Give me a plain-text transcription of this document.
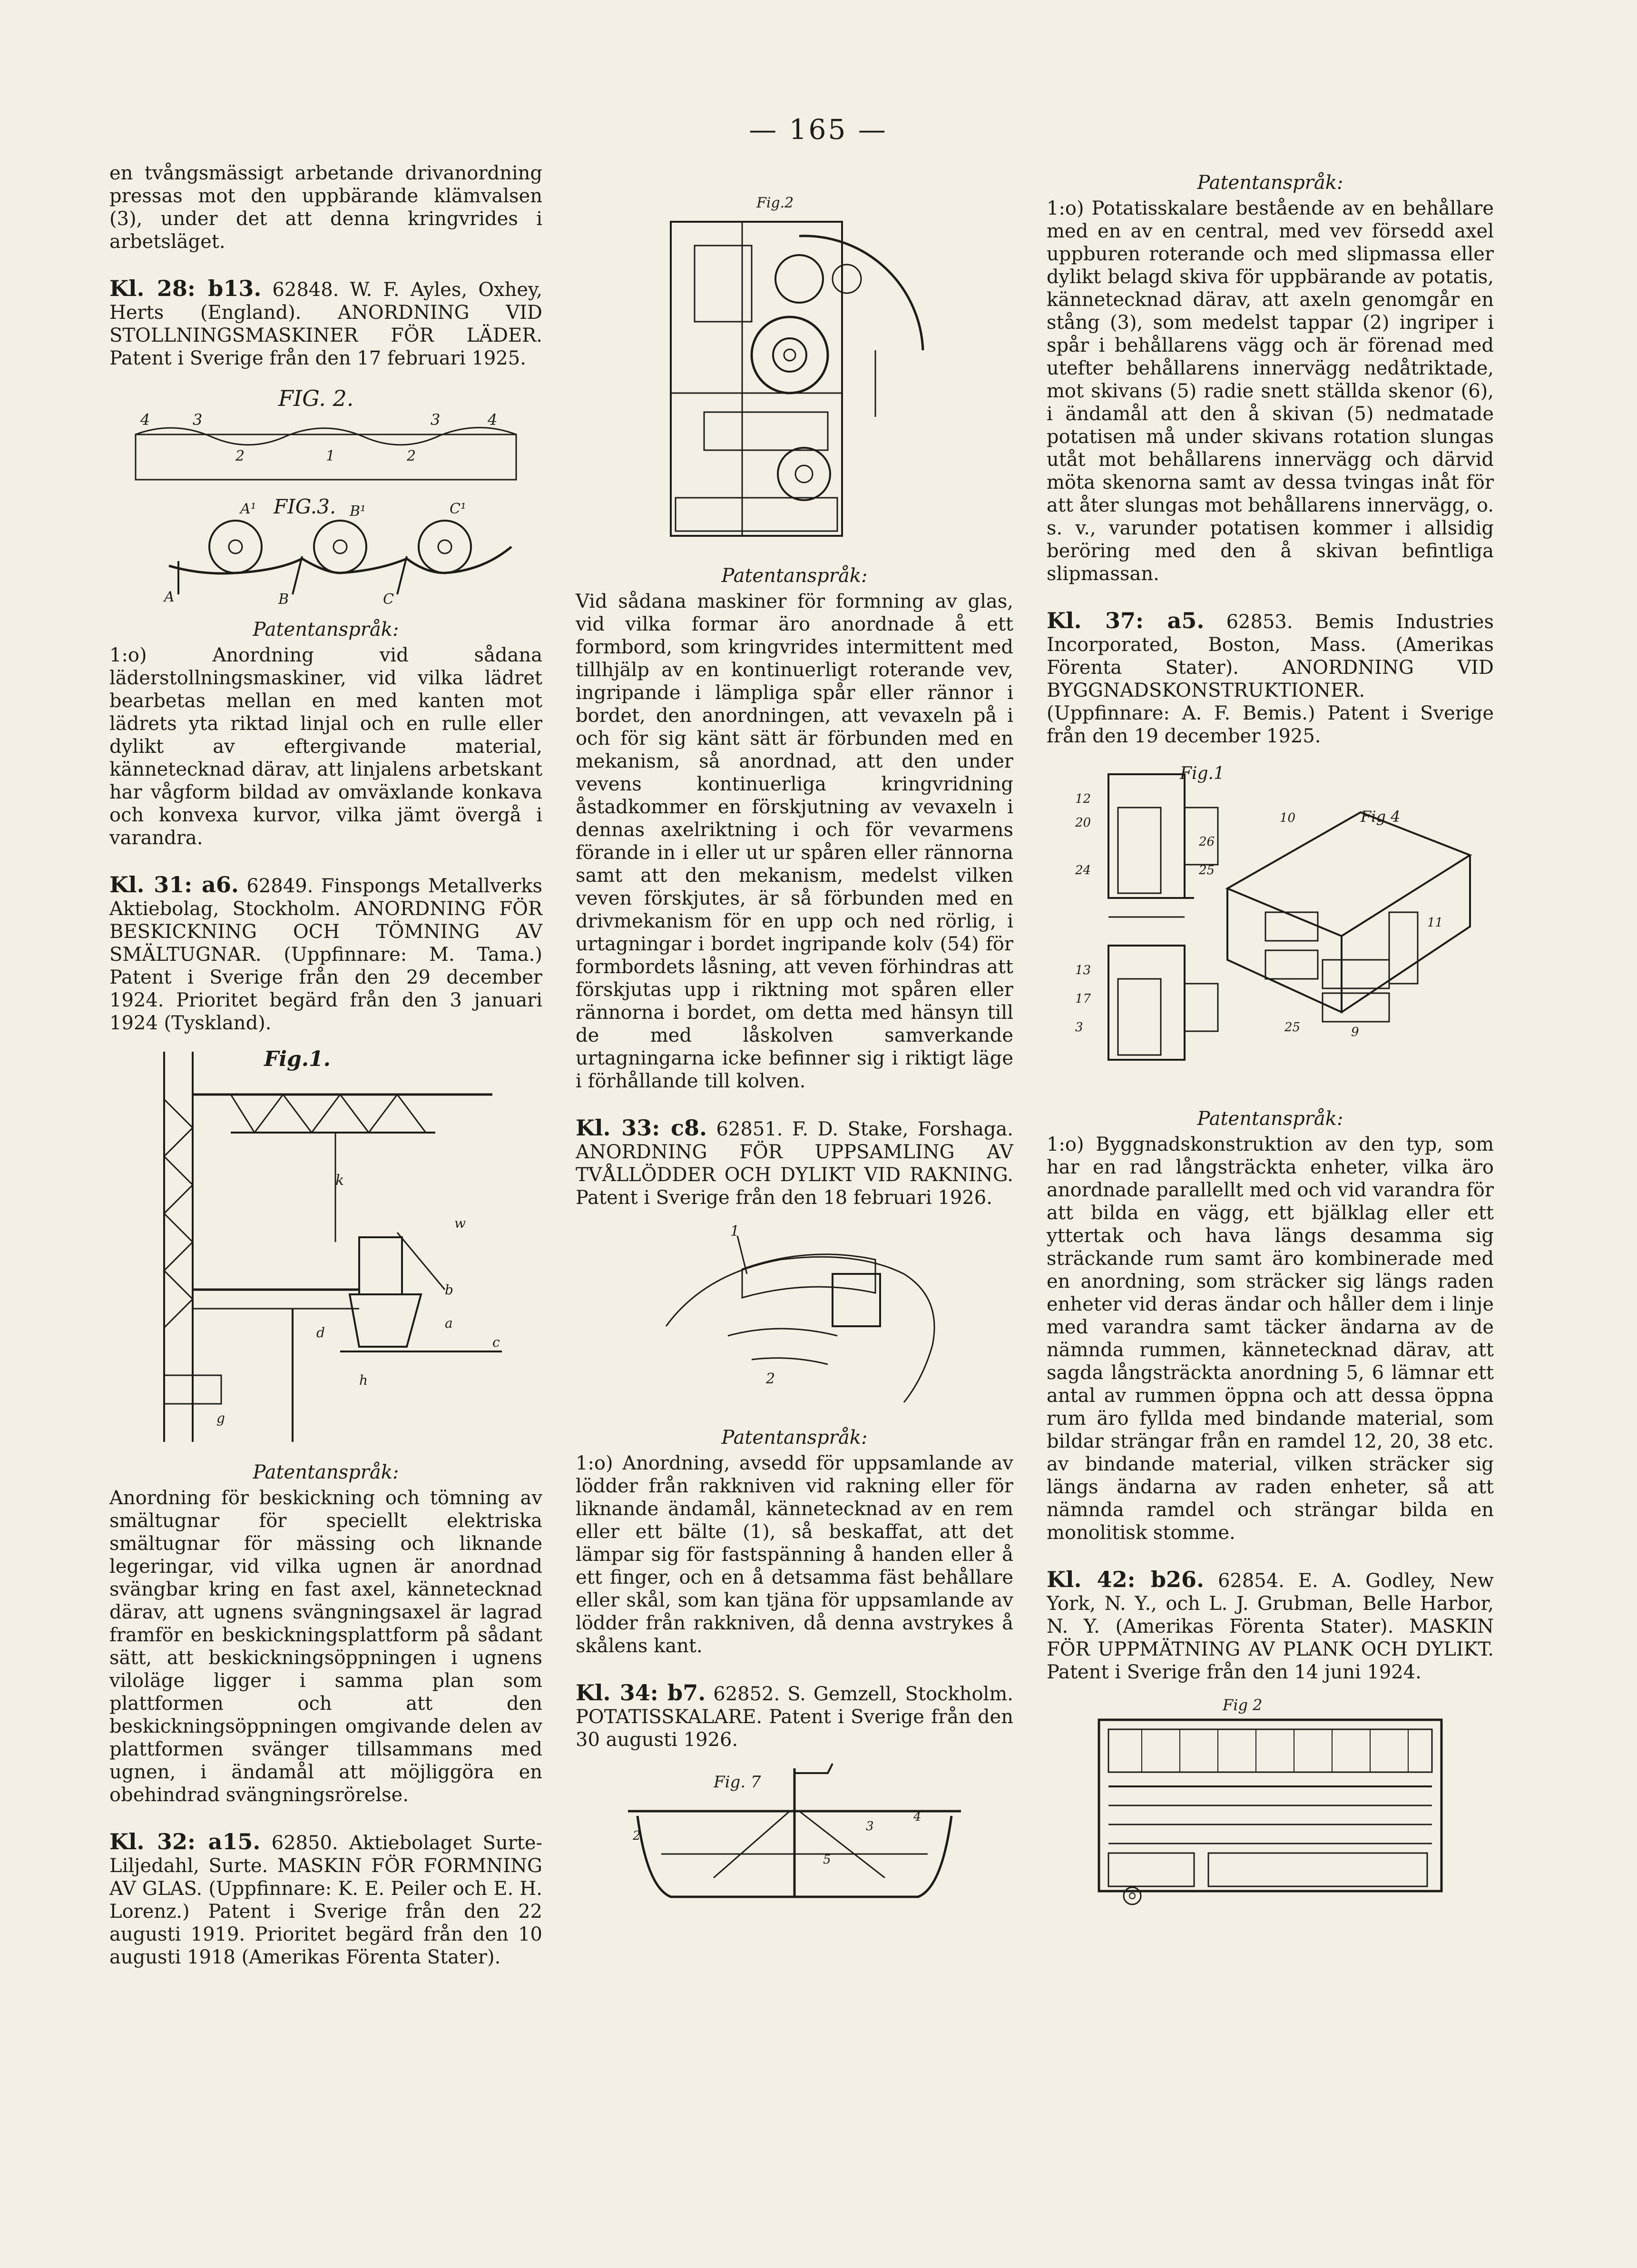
— 165 —

en tvångsmässigt arbetande drivanordning pressas mot den uppbärande klämvalsen (3), under det att denna kringvrides i arbetsläget.

Kl. 28: b13. 62848. W. F. Ayles, Oxhey, Herts (England). ANORDNING VID STOLLNINGSMASKINER FÖR LÄDER. Patent i Sverige från den 17 februari 1925.

FIG. 2.
4	3	3	4
2	1	2
FIG.3.
A¹	B¹	C¹
A	B	C

Patentanspråk:

1:o) Anordning vid sådana läderstollningsmaskiner, vid vilka lädret bearbetas mellan en med kanten mot lädrets yta riktad linjal och en rulle eller dylikt av eftergivande material, kännetecknad därav, att linjalens arbetskant har vågform bildad av omväxlande konkava och konvexa kurvor, vilka jämt övergå i varandra.

Kl. 31: a6. 62849. Finspongs Metallverks Aktiebolag, Stockholm. ANORDNING FÖR BESKICKNING OCH TÖMNING AV SMÄLTUGNAR. (Uppfinnare: M. Tama.) Patent i Sverige från den 29 december 1924. Prioritet begärd från den 3 januari 1924 (Tyskland).

Fig.1.
k
w
b
a
c
d
h
g

Patentanspråk:

Anordning för beskickning och tömning av smältugnar för speciellt elektriska smältugnar för mässing och liknande legeringar, vid vilka ugnen är anordnad svängbar kring en fast axel, kännetecknad därav, att ugnens svängningsaxel är lagrad framför en beskickningsplattform på sådant sätt, att beskickningsöppningen i ugnens viloläge ligger i samma plan som plattformen och att den beskickningsöppningen omgivande delen av plattformen svänger tillsammans med ugnen, i ändamål att möjliggöra en obehindrad svängningsrörelse.

Kl. 32: a15. 62850. Aktiebolaget Surte-Liljedahl, Surte. MASKIN FÖR FORMNING AV GLAS. (Uppfinnare: K. E. Peiler och E. H. Lorenz.) Patent i Sverige från den 22 augusti 1919. Prioritet begärd från den 10 augusti 1918 (Amerikas Förenta Stater).

Fig.2

Patentanspråk:

Vid sådana maskiner för formning av glas, vid vilka formar äro anordnade å ett formbord, som kringvrides intermittent med tillhjälp av en kontinuerligt roterande vev, ingripande i lämpliga spår eller rännor i bordet, den anordningen, att vevaxeln på i och för sig känt sätt är förbunden med en mekanism, så anordnad, att den under vevens kontinuerliga kringvridning åstadkommer en förskjutning av vevaxeln i dennas axelriktning i och för vevarmens förande in i eller ut ur spåren eller rännorna samt att den mekanism, medelst vilken veven förskjutes, är så förbunden med en drivmekanism för en upp och ned rörlig, i urtagningar i bordet ingripande kolv (54) för formbordets låsning, att veven förhindras att förskjutas upp i riktning mot spåren eller rännorna i bordet, om detta med hänsyn till de med låskolven samverkande urtagningarna icke befinner sig i riktigt läge i förhållande till kolven.

Kl. 33: c8. 62851. F. D. Stake, Forshaga. ANORDNING FÖR UPPSAMLING AV TVÅLLÖDDER OCH DYLIKT VID RAKNING. Patent i Sverige från den 18 februari 1926.

1
2

Patentanspråk:

1:o) Anordning, avsedd för uppsamlande av lödder från rakkniven vid rakning eller för liknande ändamål, kännetecknad av en rem eller ett bälte (1), så beskaffat, att det lämpar sig för fastspänning å handen eller å ett finger, och en å detsamma fäst behållare eller skål, som kan tjäna för uppsamlande av lödder från rakkniven, då denna avstrykes å skålens kant.

Kl. 34: b7. 62852. S. Gemzell, Stockholm. POTATISSKALARE. Patent i Sverige från den 30 augusti 1926.

Fig. 7
2
3
4
5

Patentanspråk:

1:o) Potatisskalare bestående av en behållare med en av en central, med vev försedd axel uppburen roterande och med slipmassa eller dylikt belagd skiva för uppbärande av potatis, kännetecknad därav, att axeln genomgår en stång (3), som medelst tappar (2) ingriper i spår i behållarens vägg och är förenad med utefter behållarens innervägg nedåtriktade, mot skivans (5) radie snett ställda skenor (6), i ändamål att den å skivan (5) nedmatade potatisen må under skivans rotation slungas utåt mot behållarens innervägg och därvid möta skenorna samt av dessa tvingas inåt för att åter slungas mot behållarens innervägg, o. s. v., varunder potatisen kommer i allsidig beröring med den å skivan befintliga slipmassan.

Kl. 37: a5. 62853. Bemis Industries Incorporated, Boston, Mass. (Amerikas Förenta Stater). ANORDNING VID BYGGNADSKONSTRUKTIONER. (Uppfinnare: A. F. Bemis.) Patent i Sverige från den 19 december 1925.

Fig.1
Fig 4
12
20
24
26
25
13
17
3
11
10
25	9

Patentanspråk:

1:o) Byggnadskonstruktion av den typ, som har en rad långsträckta enheter, vilka äro anordnade parallellt med och vid varandra för att bilda en vägg, ett bjälklag eller ett yttertak och hava längs desamma sig sträckande rum samt äro kombinerade med en anordning, som sträcker sig längs raden enheter vid deras ändar och håller dem i linje med varandra samt täcker ändarna av de nämnda rummen, kännetecknad därav, att sagda långsträckta anordning 5, 6 lämnar ett antal av rummen öppna och att dessa öppna rum äro fyllda med bindande material, som bildar strängar från en ramdel 12, 20, 38 etc. av bindande material, vilken sträcker sig längs ändarna av raden enheter, så att nämnda ramdel och strängar bilda en monolitisk stomme.

Kl. 42: b26. 62854. E. A. Godley, New York, N. Y., och L. J. Grubman, Belle Harbor, N. Y. (Amerikas Förenta Stater). MASKIN FÖR UPPMÄTNING AV PLANK OCH DYLIKT. Patent i Sverige från den 14 juni 1924.

Fig 2
